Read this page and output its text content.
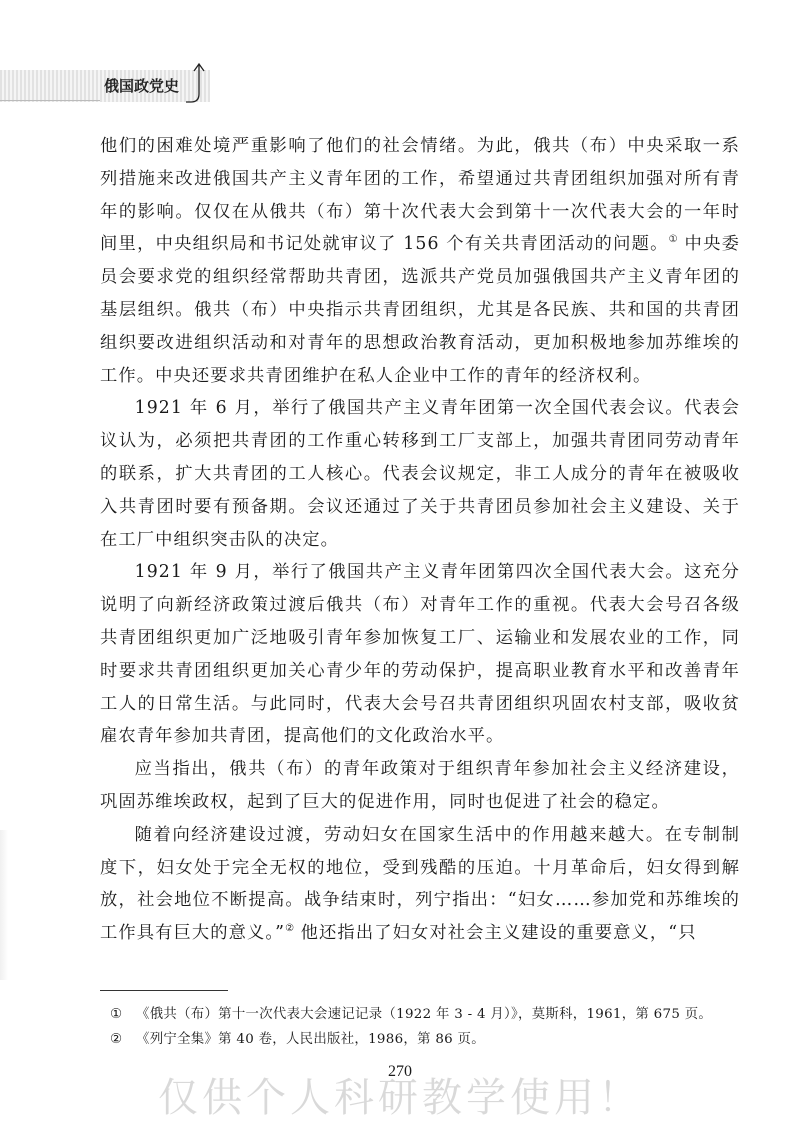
俄国政党史

他们的困难处境严重影响了他们的社会情绪。为此，俄共（布）中央采取一系列措施来改进俄国共产主义青年团的工作，希望通过共青团组织加强对所有青年的影响。仅仅在从俄共（布）第十次代表大会到第十一次代表大会的一年时间里，中央组织局和书记处就审议了 156 个有关共青团活动的问题。① 中央委员会要求党的组织经常帮助共青团，选派共产党员加强俄国共产主义青年团的基层组织。俄共（布）中央指示共青团组织，尤其是各民族、共和国的共青团组织要改进组织活动和对青年的思想政治教育活动，更加积极地参加苏维埃的工作。中央还要求共青团维护在私人企业中工作的青年的经济权利。

1921 年 6 月，举行了俄国共产主义青年团第一次全国代表会议。代表会议认为，必须把共青团的工作重心转移到工厂支部上，加强共青团同劳动青年的联系，扩大共青团的工人核心。代表会议规定，非工人成分的青年在被吸收入共青团时要有预备期。会议还通过了关于共青团员参加社会主义建设、关于在工厂中组织突击队的决定。

1921 年 9 月，举行了俄国共产主义青年团第四次全国代表大会。这充分说明了向新经济政策过渡后俄共（布）对青年工作的重视。代表大会号召各级共青团组织更加广泛地吸引青年参加恢复工厂、运输业和发展农业的工作，同时要求共青团组织更加关心青少年的劳动保护，提高职业教育水平和改善青年工人的日常生活。与此同时，代表大会号召共青团组织巩固农村支部，吸收贫雇农青年参加共青团，提高他们的文化政治水平。

应当指出，俄共（布）的青年政策对于组织青年参加社会主义经济建设，巩固苏维埃政权，起到了巨大的促进作用，同时也促进了社会的稳定。

随着向经济建设过渡，劳动妇女在国家生活中的作用越来越大。在专制制度下，妇女处于完全无权的地位，受到残酷的压迫。十月革命后，妇女得到解放，社会地位不断提高。战争结束时，列宁指出：“妇女……参加党和苏维埃的工作具有巨大的意义。”② 他还指出了妇女对社会主义建设的重要意义，“只

① 《俄共（布）第十一次代表大会速记记录（1922 年 3 - 4 月）》，莫斯科，1961，第 675 页。
② 《列宁全集》第 40 卷，人民出版社，1986，第 86 页。
270
仅供个人科研教学使用！
